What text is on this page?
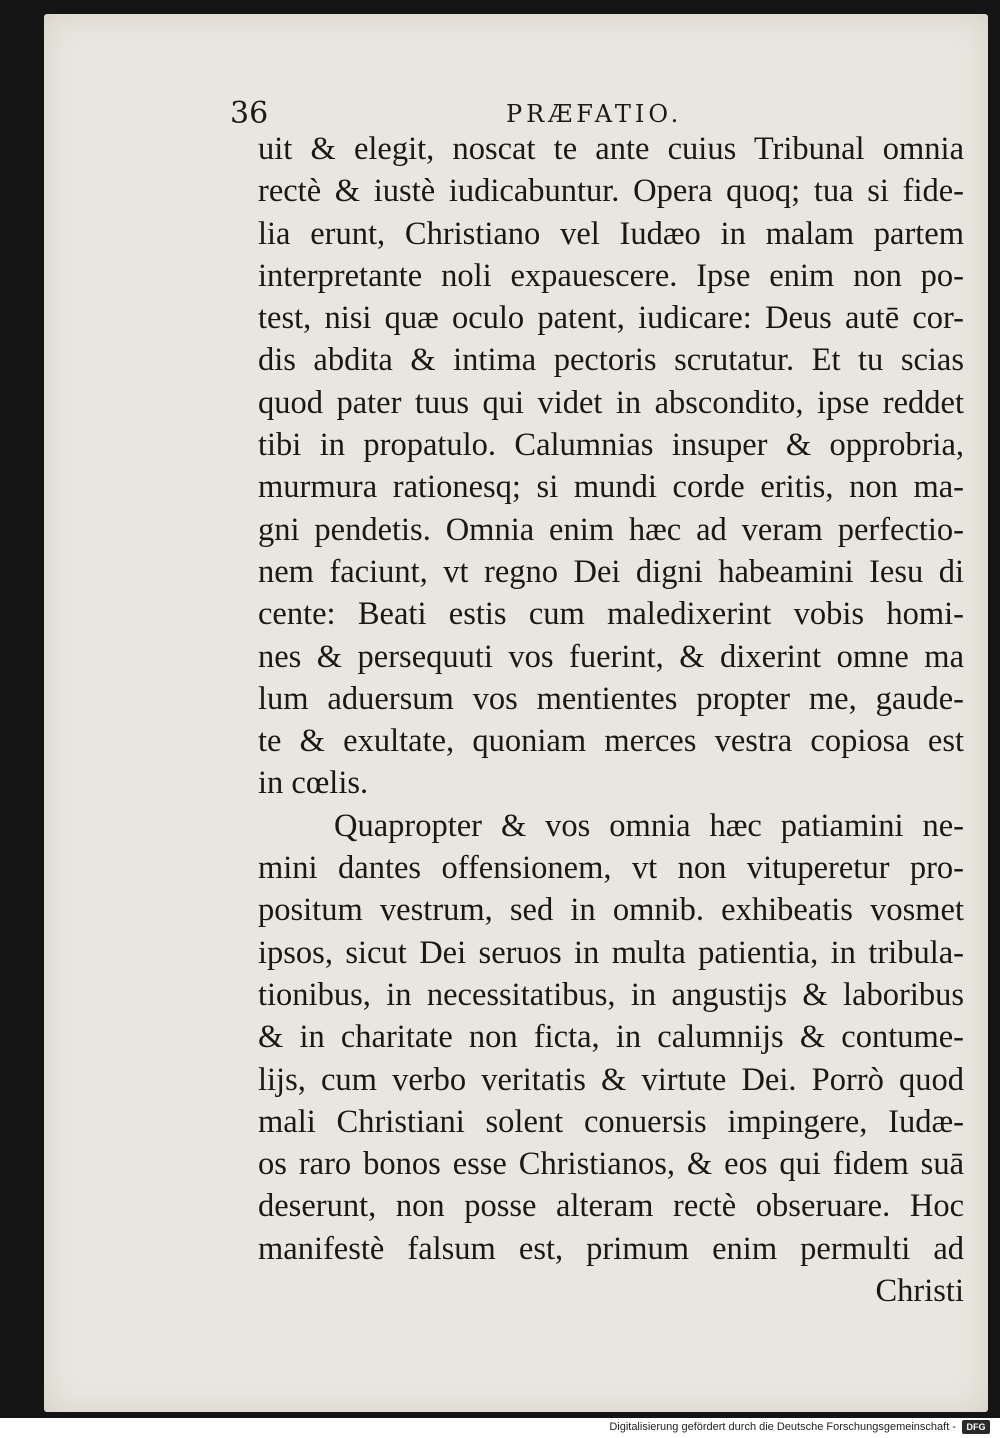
36	PRÆFATIO.
uit & elegit, noscat te ante cuius Tribunal omnia
rectè & iustè iudicabuntur. Opera quoq; tua si fide-
lia erunt, Christiano vel Iudæo in malam partem
interpretante noli expauescere. Ipse enim non po-
test, nisi quæ oculo patent, iudicare: Deus autē cor-
dis abdita & intima pectoris scrutatur. Et tu scias
quod pater tuus qui videt in abscondito, ipse reddet
tibi in propatulo. Calumnias insuper & opprobria,
murmura rationesq; si mundi corde eritis, non ma-
gni pendetis. Omnia enim hæc ad veram perfectio-
nem faciunt, vt regno Dei digni habeamini Iesu di
cente: Beati estis cum maledixerint vobis homi-
nes & persequuti vos fuerint, & dixerint omne ma
lum aduersum vos mentientes propter me, gaude-
te & exultate, quoniam merces vestra copiosa est
in cœlis.
Quapropter & vos omnia hæc patiamini ne-
mini dantes offensionem, vt non vituperetur pro-
positum vestrum, sed in omnib. exhibeatis vosmet
ipsos, sicut Dei seruos in multa patientia, in tribula-
tionibus, in necessitatibus, in angustijs & laboribus
& in charitate non ficta, in calumnijs & contume-
lijs, cum verbo veritatis & virtute Dei. Porrò quod
mali Christiani solent conuersis impingere, Iudæ-
os raro bonos esse Christianos, & eos qui fidem suā
deserunt, non posse alteram rectè obseruare. Hoc
manifestè falsum est, primum enim permulti ad
Christi
Digitalisierung gefördert durch die Deutsche Forschungsgemeinschaft -	DFG
